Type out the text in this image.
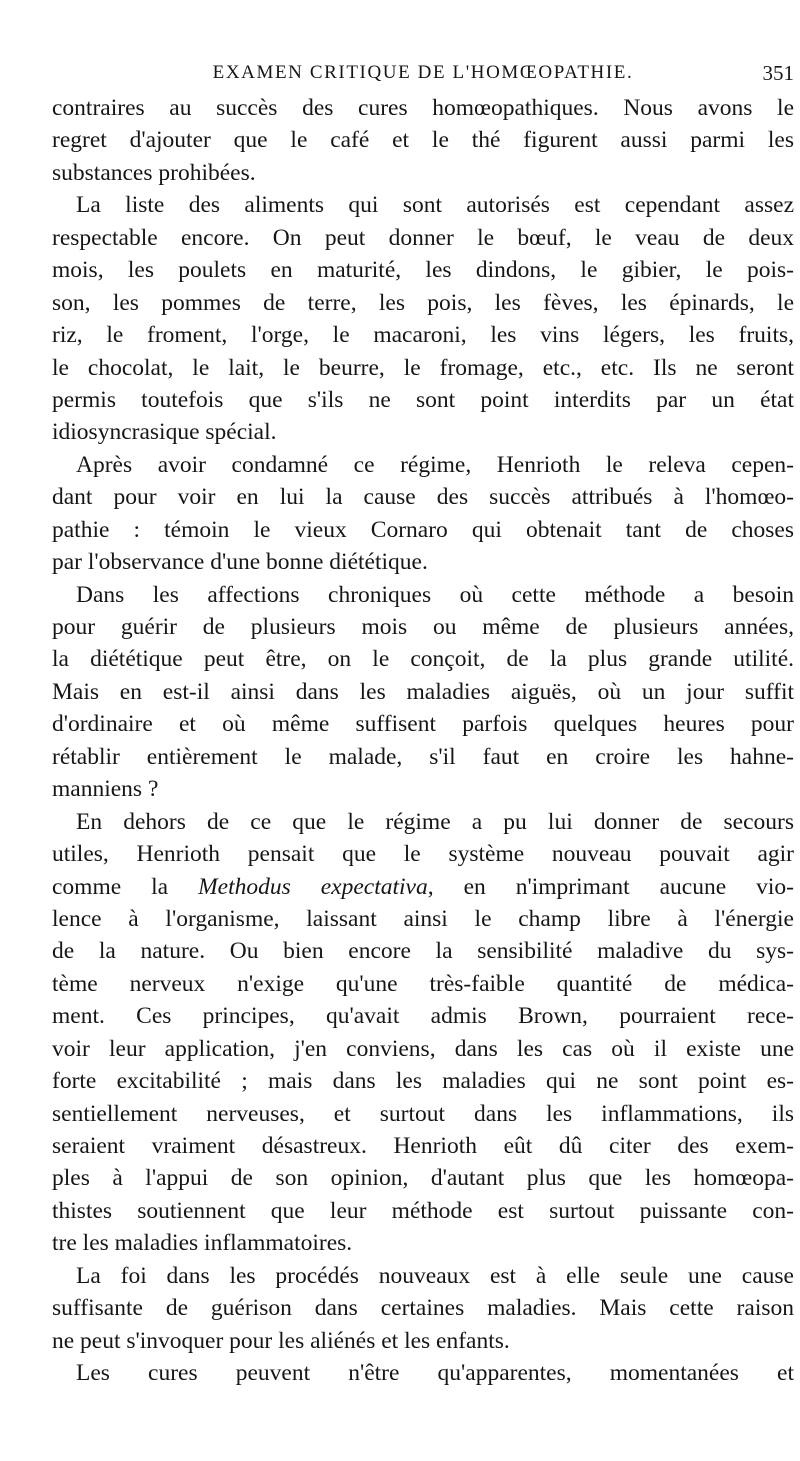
EXAMEN CRITIQUE DE L'HOMŒOPATHIE.	351
contraires au succès des cures homœopathiques. Nous avons le
regret d'ajouter que le café et le thé figurent aussi parmi les
substances prohibées.
La liste des aliments qui sont autorisés est cependant assez
respectable encore. On peut donner le bœuf, le veau de deux
mois, les poulets en maturité, les dindons, le gibier, le pois-
son, les pommes de terre, les pois, les fèves, les épinards, le
riz, le froment, l'orge, le macaroni, les vins légers, les fruits,
le chocolat, le lait, le beurre, le fromage, etc., etc. Ils ne seront
permis toutefois que s'ils ne sont point interdits par un état
idiosyncrasique spécial.
Après avoir condamné ce régime, Henrioth le releva cepen-
dant pour voir en lui la cause des succès attribués à l'homœo-
pathie : témoin le vieux Cornaro qui obtenait tant de choses
par l'observance d'une bonne diététique.
Dans les affections chroniques où cette méthode a besoin
pour guérir de plusieurs mois ou même de plusieurs années,
la diététique peut être, on le conçoit, de la plus grande utilité.
Mais en est-il ainsi dans les maladies aiguës, où un jour suffit
d'ordinaire et où même suffisent parfois quelques heures pour
rétablir entièrement le malade, s'il faut en croire les hahne-
manniens ?
En dehors de ce que le régime a pu lui donner de secours
utiles, Henrioth pensait que le système nouveau pouvait agir
comme la Methodus expectativa, en n'imprimant aucune vio-
lence à l'organisme, laissant ainsi le champ libre à l'énergie
de la nature. Ou bien encore la sensibilité maladive du sys-
tème nerveux n'exige qu'une très-faible quantité de médica-
ment. Ces principes, qu'avait admis Brown, pourraient rece-
voir leur application, j'en conviens, dans les cas où il existe une
forte excitabilité ; mais dans les maladies qui ne sont point es-
sentiellement nerveuses, et surtout dans les inflammations, ils
seraient vraiment désastreux. Henrioth eût dû citer des exem-
ples à l'appui de son opinion, d'autant plus que les homœopa-
thistes soutiennent que leur méthode est surtout puissante con-
tre les maladies inflammatoires.
La foi dans les procédés nouveaux est à elle seule une cause
suffisante de guérison dans certaines maladies. Mais cette raison
ne peut s'invoquer pour les aliénés et les enfants.
Les cures peuvent n'être qu'apparentes, momentanées et
